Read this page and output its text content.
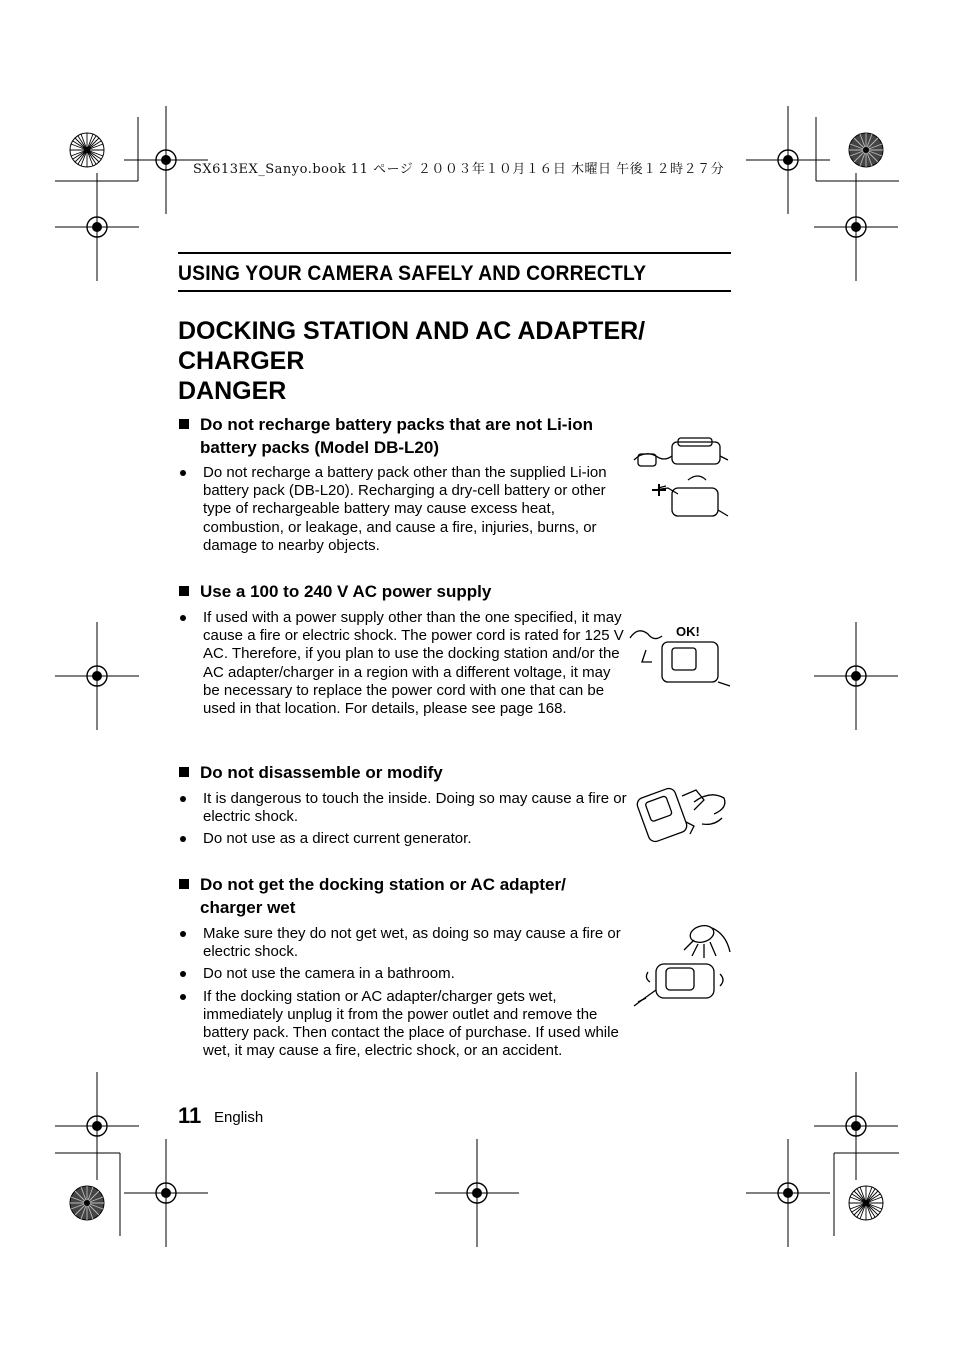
SX613EX_Sanyo.book 11 ページ ２００３年１０月１６日 木曜日 午後１２時２７分
USING YOUR CAMERA SAFELY AND CORRECTLY
DOCKING STATION AND AC ADAPTER/
CHARGER
DANGER
Do not recharge battery packs that are not Li-ion
battery packs (Model DB-L20)
Do not recharge a battery pack other than the supplied Li-ion battery pack (DB-L20). Recharging a dry-cell battery or other type of rechargeable battery may cause excess heat, combustion, or leakage, and cause a fire, injuries, burns, or damage to nearby objects.
Use a 100 to 240 V AC power supply
If used with a power supply other than the one specified, it may cause a fire or electric shock. The power cord is rated for 125 V AC. Therefore, if you plan to use the docking station and/or the AC adapter/charger in a region with a different voltage, it may be necessary to replace the power cord with one that can be used in that location. For details, please see page 168.
Do not disassemble or modify
It is dangerous to touch the inside. Doing so may cause a fire or electric shock.
Do not use as a direct current generator.
Do not get the docking station or AC adapter/
charger wet
Make sure they do not get wet, as doing so may cause a fire or electric shock.
Do not use the camera in a bathroom.
If the docking station or AC adapter/charger gets wet, immediately unplug it from the power outlet and remove the battery pack. Then contact the place of purchase. If used while wet, it may cause a fire, electric shock, or an accident.
OK!
11 English
